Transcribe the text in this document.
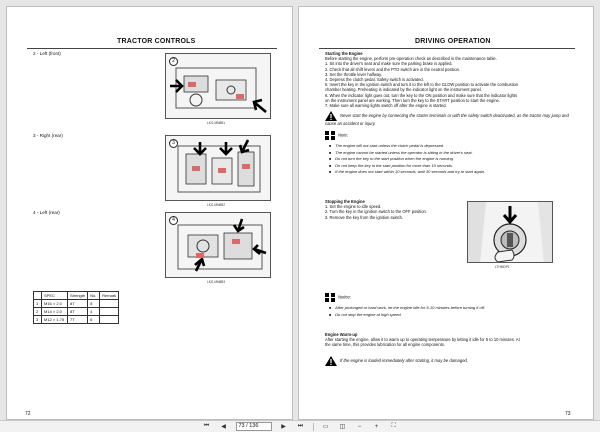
TRACTOR CONTROLS
2 - Left (front)
2
LKG-MN8B1
3 - Right (rear)
3
LKG-MN8B2
4 - Left (rear)
4
LKG-MN8B3
	SPEC	Strength	No.	Remark
1	M16 × 2.0	8T	8	
2	M14 × 2.0	8T	4	
3	M12 × 1.75	7T	6	
72
DRIVING OPERATION
Starting the Engine
Before starting the engine, perform pre-operation check as described in the maintenance table.
1. Sit into the driver's seat and make sure the parking brake is applied.
2. Check that all shift levers and the PTO switch are in the neutral position.
3. Set the throttle lever halfway.
4. Depress the clutch pedal. Safety switch is activated.
5. Insert the key in the ignition switch and turn it to the left to the GLOW position to activate the combustion
chamber heating. Preheating is indicated by the indicator light on the instrument panel.
6. When the indicator light goes out, turn the key to the ON position and make sure that the indicator lights
on the instrument panel are working. Then turn the key to the START position to start the engine.
7. Make sure all warning lights switch off after the engine is started.
Never start the engine by connecting the starter terminals or with the safety switch deactivated, as the tractor may jump and cause an accident or injury.
Note:
■ The engine will not start unless the clutch pedal is depressed.
■ The engine cannot be started unless the operator is sitting in the driver's seat.
■ Do not turn the key to the start position when the engine is running.
■ Do not keep the key in the start position for more than 10 seconds.
■ If the engine does not start within 10 seconds, wait 30 seconds and try to start again.
Stopping the Engine
1. Set the engine to idle speed.
2. Turn the key in the ignition switch to the OFF position.
3. Remove the key from the ignition switch.
LTHMDP1
Notice:
■ After prolonged or hard work, let the engine idle for 5-10 minutes before turning it off.
■ Do not stop the engine at high speed.
Engine Warm-up
After starting the engine, allow it to warm up to operating temperature by letting it idle for 5 to 10 minutes. At
the same time, this provides lubrication for all engine components.
If the engine is loaded immediately after starting, it may be damaged.
73
⏮	◀	73 / 136	▶	⏭	▭	◫	−	+	⛶
